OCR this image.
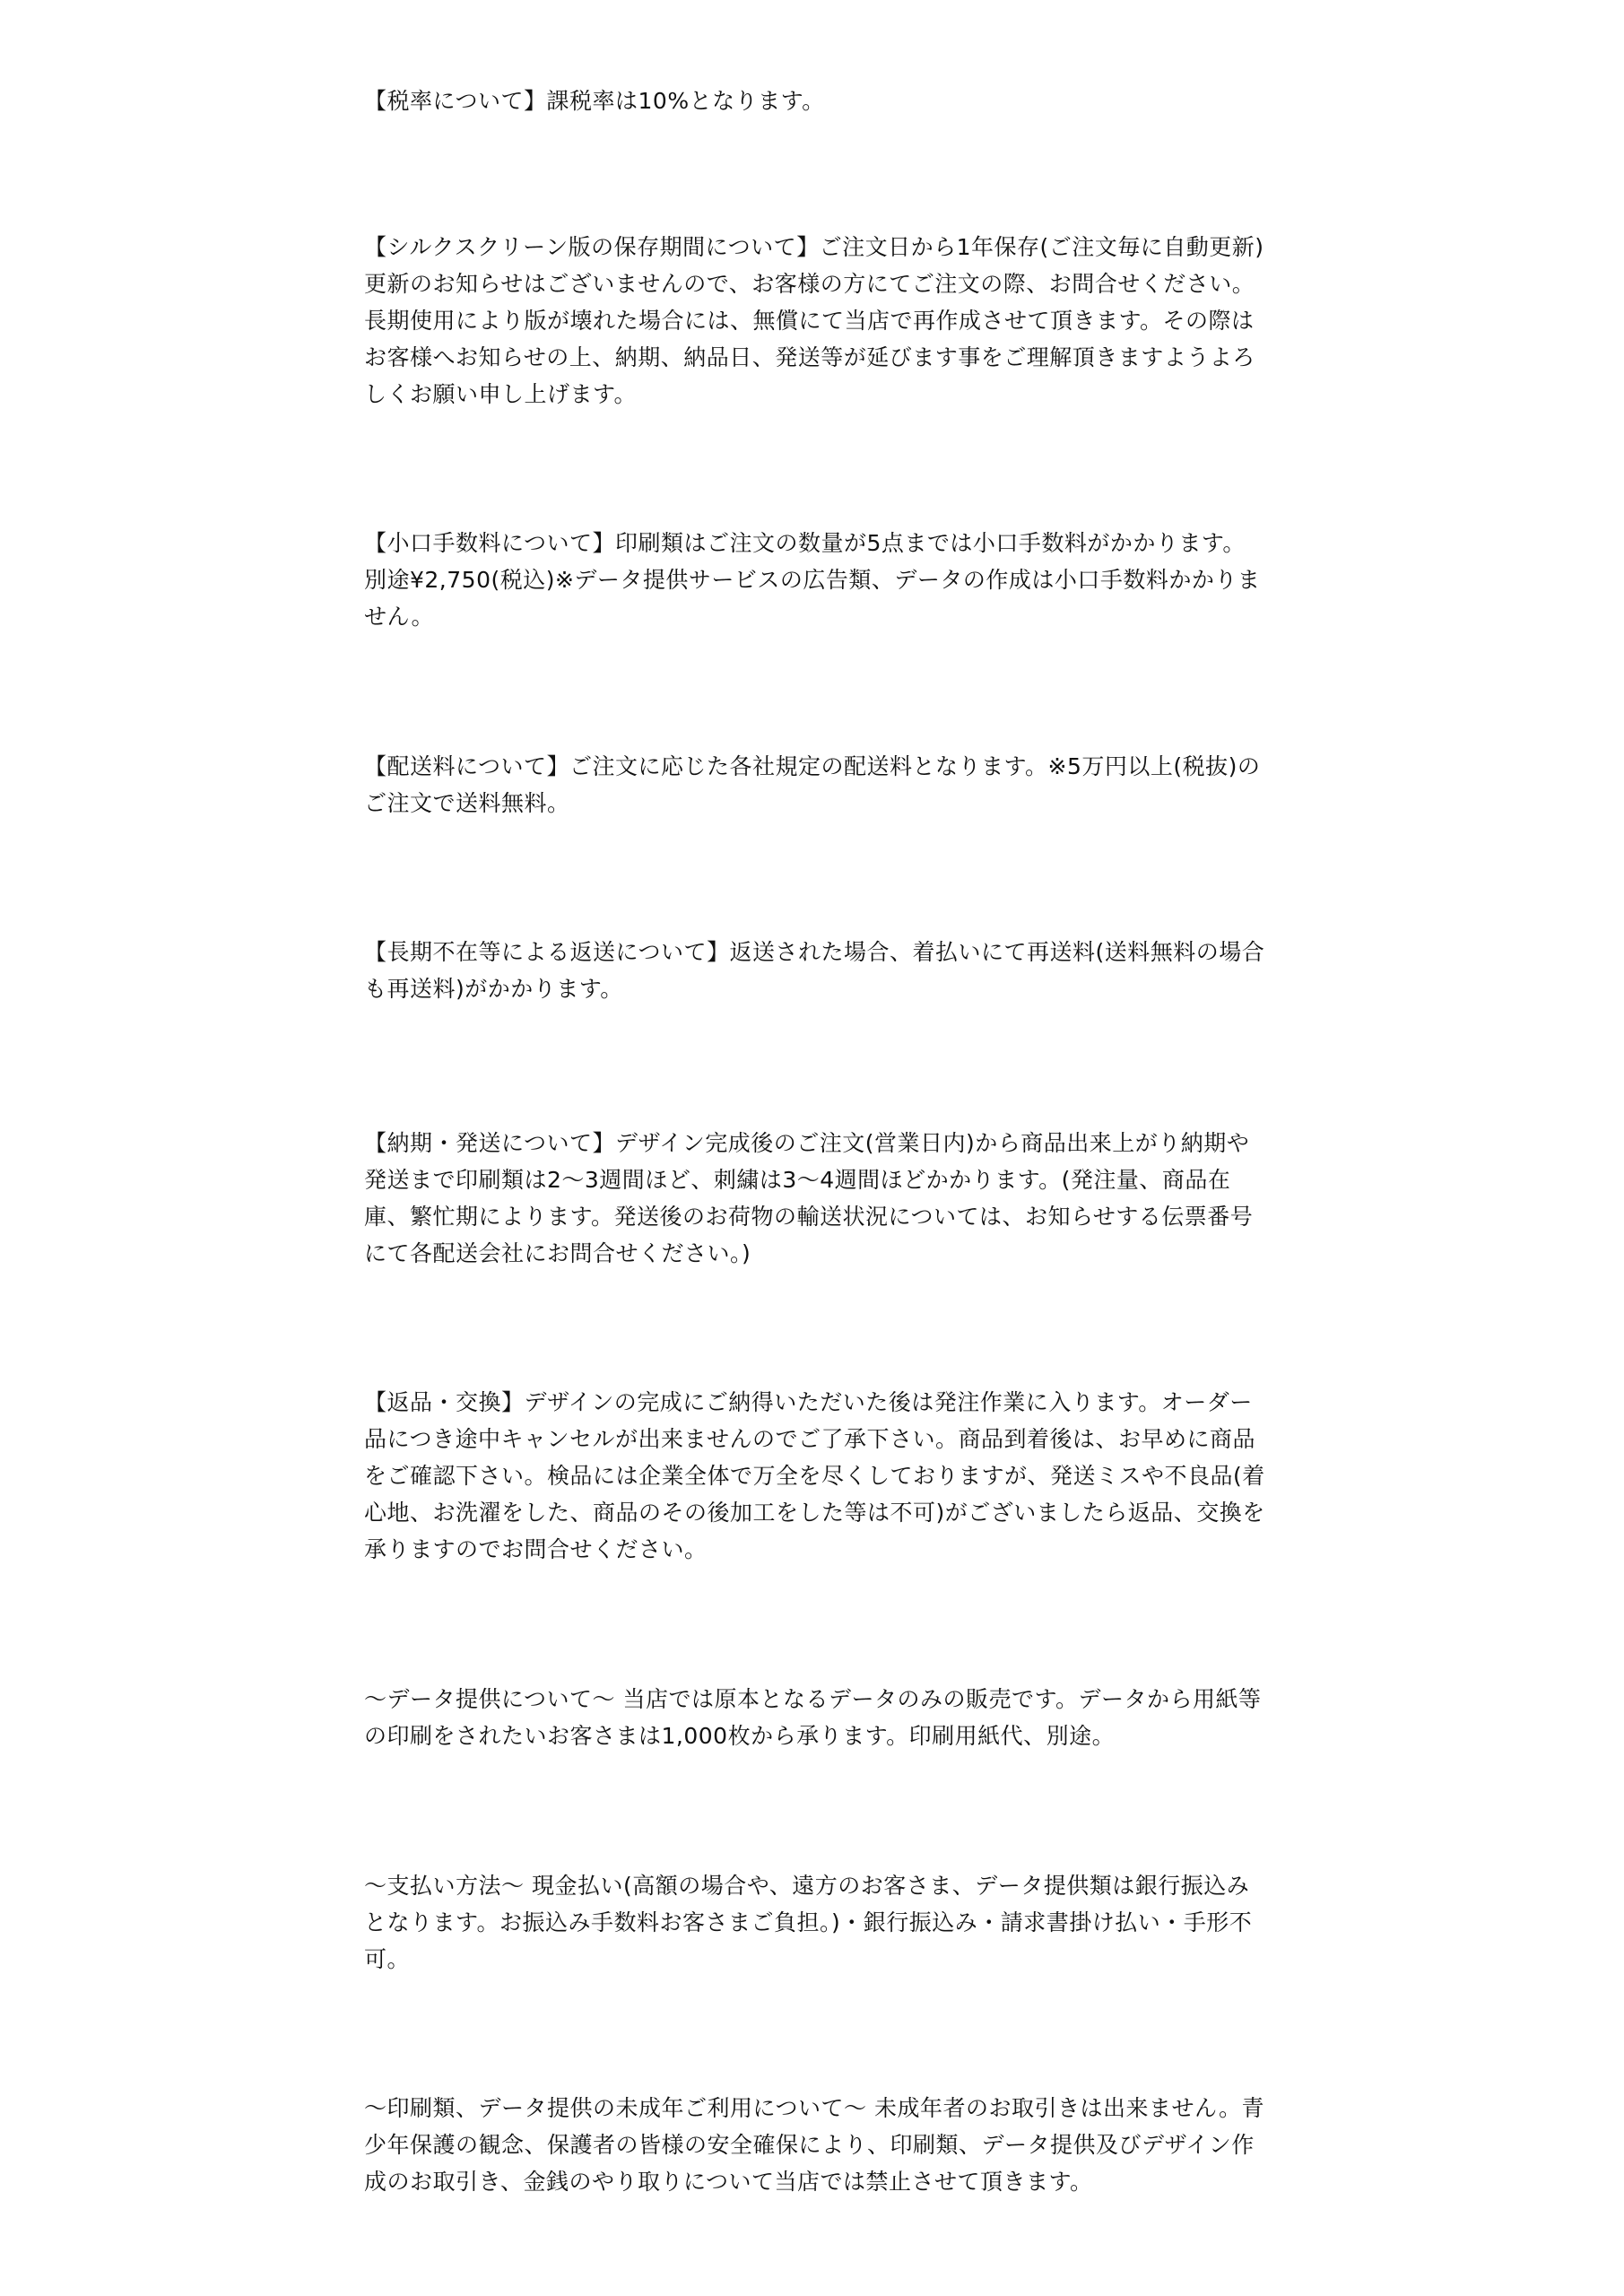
【税率について】課税率は10%となります。

【シルクスクリーン版の保存期間について】ご注文日から1年保存(ご注文毎に自動更新)更新のお知らせはございませんので、お客様の方にてご注文の際、お問合せください。長期使用により版が壊れた場合には、無償にて当店で再作成させて頂きます。その際はお客様へお知らせの上、納期、納品日、発送等が延びます事をご理解頂きますようよろしくお願い申し上げます。

【小口手数料について】印刷類はご注文の数量が5点までは小口手数料がかかります。別途¥2,750(税込)※データ提供サービスの広告類、データの作成は小口手数料かかりません。

【配送料について】ご注文に応じた各社規定の配送料となります。※5万円以上(税抜)のご注文で送料無料。

【長期不在等による返送について】返送された場合、着払いにて再送料(送料無料の場合も再送料)がかかります。

【納期・発送について】デザイン完成後のご注文(営業日内)から商品出来上がり納期や発送まで印刷類は2〜3週間ほど、刺繍は3〜4週間ほどかかります。(発注量、商品在庫、繁忙期によります。発送後のお荷物の輸送状況については、お知らせする伝票番号にて各配送会社にお問合せください。)

【返品・交換】デザインの完成にご納得いただいた後は発注作業に入ります。オーダー品につき途中キャンセルが出来ませんのでご了承下さい。商品到着後は、お早めに商品をご確認下さい。検品には企業全体で万全を尽くしておりますが、発送ミスや不良品(着心地、お洗濯をした、商品のその後加工をした等は不可)がございましたら返品、交換を承りますのでお問合せください。

〜データ提供について〜 当店では原本となるデータのみの販売です。データから用紙等の印刷をされたいお客さまは1,000枚から承ります。印刷用紙代、別途。

〜支払い方法〜 現金払い(高額の場合や、遠方のお客さま、データ提供類は銀行振込みとなります。お振込み手数料お客さまご負担。)・銀行振込み・請求書掛け払い・手形不可。

〜印刷類、データ提供の未成年ご利用について〜 未成年者のお取引きは出来ません。青少年保護の観念、保護者の皆様の安全確保により、印刷類、データ提供及びデザイン作成のお取引き、金銭のやり取りについて当店では禁止させて頂きます。
